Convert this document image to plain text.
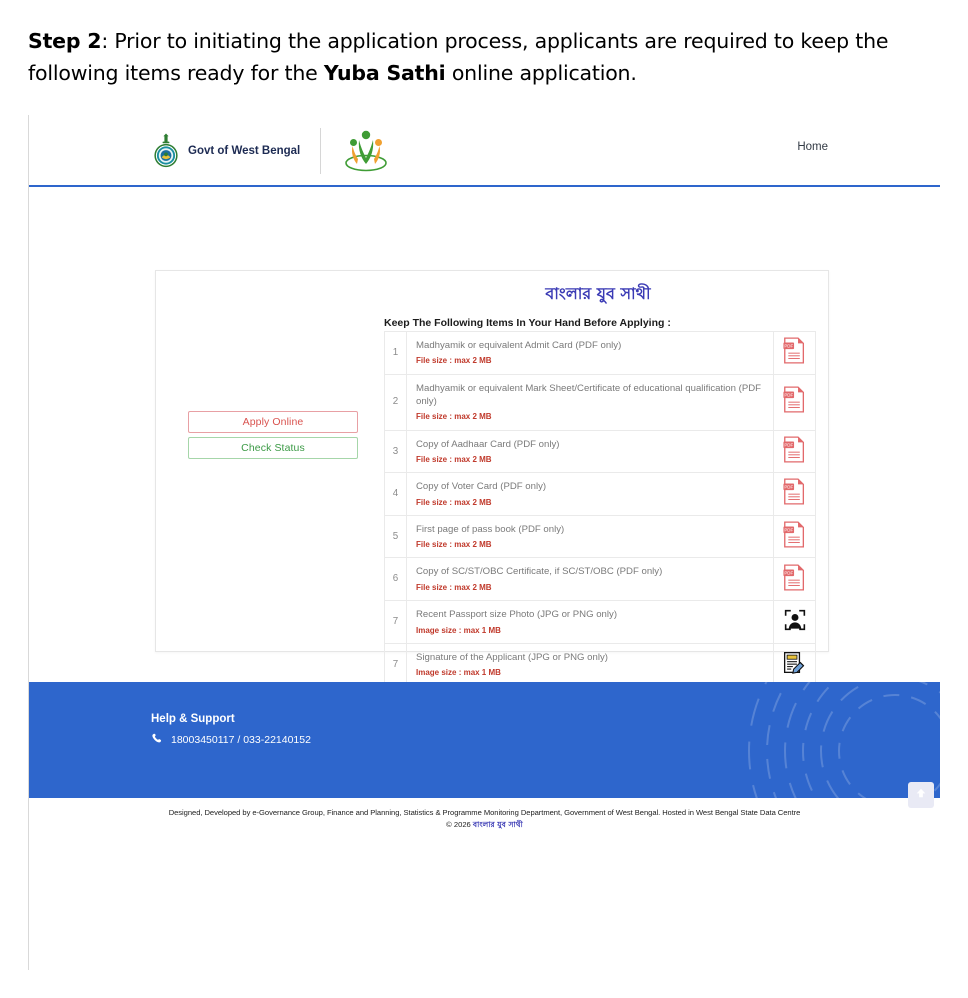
Step 2: Prior to initiating the application process, applicants are required to keep the following items ready for the Yuba Sathi online application.
Govt of West Bengal	Home
বাংলার যুব সাথী
Keep The Following Items In Your Hand Before Applying :
Apply Online
Check Status
1	Madhyamik or equivalent Admit Card (PDF only)
File size : max 2 MB	PDF

2	Madhyamik or equivalent Mark Sheet/Certificate of educational qualification (PDF only)
File size : max 2 MB	PDF

3	Copy of Aadhaar Card (PDF only)
File size : max 2 MB	PDF

4	Copy of Voter Card (PDF only)
File size : max 2 MB	PDF

5	First page of pass book (PDF only)
File size : max 2 MB	PDF

6	Copy of SC/ST/OBC Certificate, if SC/ST/OBC (PDF only)
File size : max 2 MB	PDF

7	Recent Passport size Photo (JPG or PNG only)
Image size : max 1 MB

7	Signature of the Applicant (JPG or PNG only)
Image size : max 1 MB

Help & Support
18003450117 / 033-22140152
Designed, Developed by e-Governance Group, Finance and Planning, Statistics & Programme Monitoring Department, Government of West Bengal. Hosted in West Bengal State Data Centre
© 2026 বাংলার যুব সাথী
